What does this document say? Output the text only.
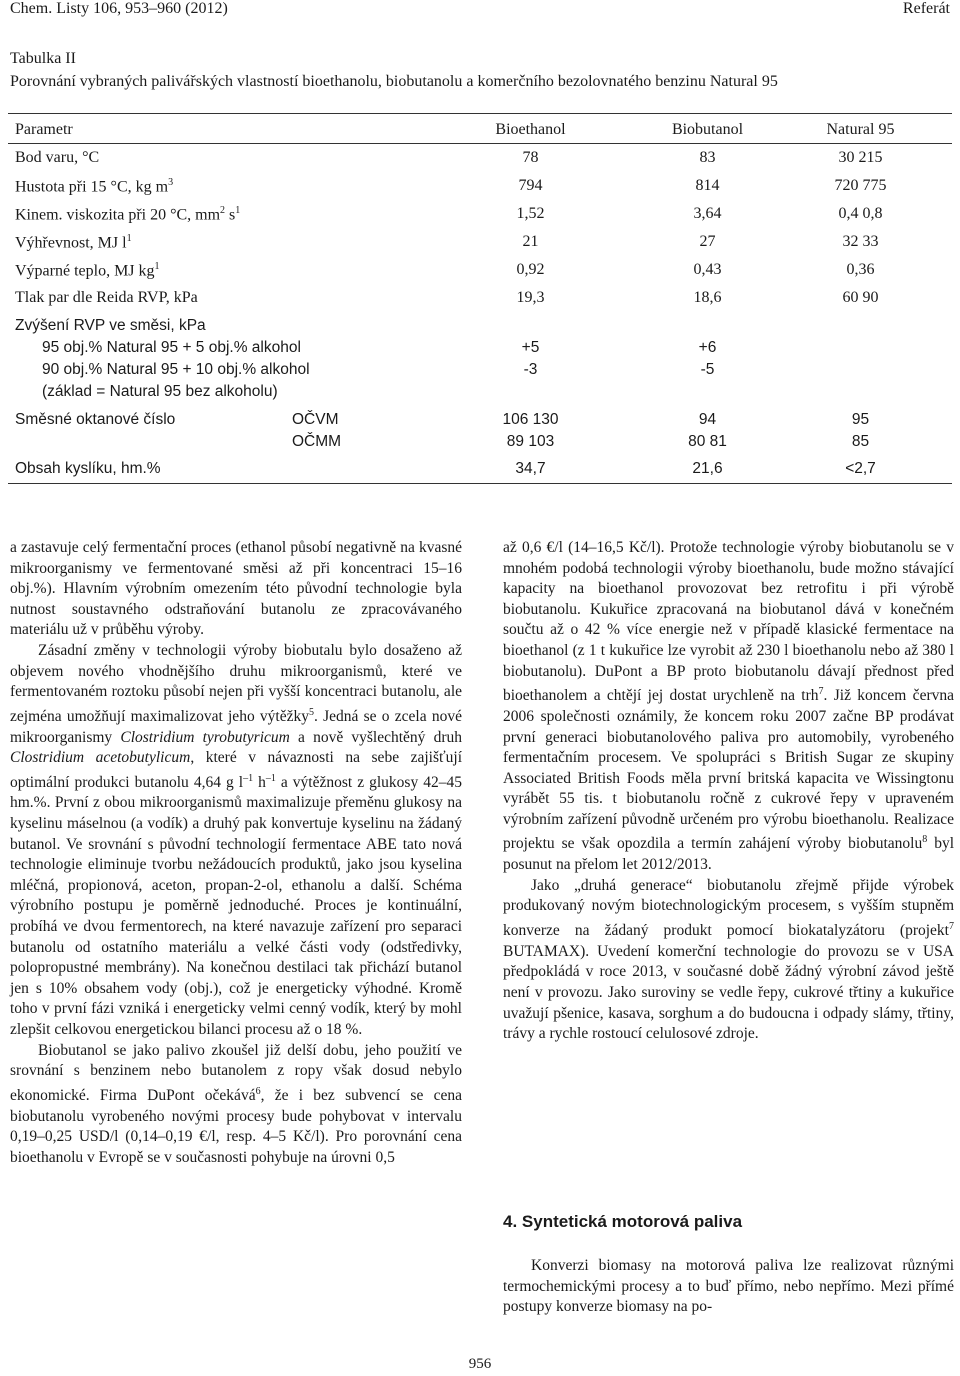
Chem. Listy 106, 953–960 (2012)	Referát
Tabulka II
Porovnání vybraných palivářských vlastností bioethanolu, biobutanolu a komerčního bezolovnatého benzinu Natural 95
Parametr	Bioethanol	Biobutanol	Natural 95
Bod varu, °C	78	83	30 215
Hustota při 15 °C, kg $m^3$	794	814	720 775
Kinem. viskozita při 20 °C, $mm^2$ $s^1$	1,52	3,64	0,4 0,8
Výhřevnost, MJ $l^1$	21	27	32 33
Výparné teplo, MJ $kg^1$	0,92	0,43	0,36
Tlak par dle Reida RVP, kPa	19,3	18,6	60 90
Zvýšení RVP ve směsi, kPa
95 obj.% Natural 95 + 5 obj.% alkohol	+5	+6
90 obj.% Natural 95 + 10 obj.% alkohol	-3	-5
(základ = Natural 95 bez alkoholu)
Směsné oktanové číslo	OČVM	106 130	94	95
OČMM	89 103	80 81	85
Obsah kyslíku, hm.%	34,7	21,6	<2,7

a zastavuje celý fermentační proces (ethanol působí negativně na kvasné mikroorganismy ve fermentované směsi až při koncentraci 15–16 obj.%). Hlavním výrobním omezením této původní technologie byla nutnost soustavného odstraňování butanolu ze zpracovávaného materiálu už v průběhu výroby.

Zásadní změny v technologii výroby biobutalu bylo dosaženo až objevem nového vhodnějšího druhu mikroorganismů, které ve fermentovaném roztoku působí nejen při vyšší koncentraci butanolu, ale zejména umožňují maximalizovat jeho výtěžky$^5$. Jedná se o zcela nové mikroorganismy Clostridium tyrobutyricum a nově vyšlechtěný druh Clostridium acetobutylicum, které v návaznosti na sebe zajišťují optimální produkci butanolu 4,64 g $l^{-1}$ $h^{-1}$ a výtěžnost z glukosy 42–45 hm.%. První z obou mikroorganismů maximalizuje přeměnu glukosy na kyselinu máselnou (a vodík) a druhý pak konvertuje kyselinu na žádaný butanol. Ve srovnání s původní technologií fermentace ABE tato nová technologie eliminuje tvorbu nežádoucích produktů, jako jsou kyselina mléčná, propionová, aceton, propan-2-ol, ethanolu a další. Schéma výrobního postupu je poměrně jednoduché. Proces je kontinuální, probíhá ve dvou fermentorech, na které navazuje zařízení pro separaci butanolu od ostatního materiálu a velké části vody (odstředivky, polopropustné membrány). Na konečnou destilaci tak přichází butanol jen s 10% obsahem vody (obj.), což je energeticky výhodné. Kromě toho v první fázi vzniká i energeticky velmi cenný vodík, který by mohl zlepšit celkovou energetickou bilanci procesu až o 18 %.

Biobutanol se jako palivo zkoušel již delší dobu, jeho použití ve srovnání s benzinem nebo butanolem z ropy však dosud nebylo ekonomické. Firma DuPont očekává$^6$, že i bez subvencí se cena biobutanolu vyrobeného novými procesy bude pohybovat v intervalu 0,19–0,25 USD/l (0,14–0,19 €/l, resp. 4–5 Kč/l). Pro porovnání cena bioethanolu v Evropě se v současnosti pohybuje na úrovni 0,5

až 0,6 €/l (14–16,5 Kč/l). Protože technologie výroby biobutanolu se v mnohém podobá technologii výroby bioethanolu, bude možno stávající kapacity na bioethanol provozovat bez retrofitu i při výrobě biobutanolu. Kukuřice zpracovaná na biobutanol dává v konečném součtu až o 42 % více energie než v případě klasické fermentace na bioethanol (z 1 t kukuřice lze vyrobit až 230 l bioethanolu nebo až 380 l biobutanolu). DuPont a BP proto biobutanolu dávají přednost před bioethanolem a chtějí jej dostat urychleně na trh$^7$. Již koncem června 2006 společnosti oznámily, že koncem roku 2007 začne BP prodávat první generaci biobutanolového paliva pro automobily, vyrobeného fermentačním procesem. Ve spolupráci s British Sugar ze skupiny Associated British Foods měla první britská kapacita ve Wissingtonu vyrábět 55 tis. t biobutanolu ročně z cukrové řepy v upraveném výrobním zařízení původně určeném pro výrobu bioethanolu. Realizace projektu se však opozdila a termín zahájení výroby biobutanolu$^8$ byl posunut na přelom let 2012/2013.

Jako „druhá generace“ biobutanolu zřejmě přijde výrobek produkovaný novým biotechnologickým procesem, s vyšším stupněm konverze na žádaný produkt pomocí biokatalyzátoru (projekt$^7$ BUTAMAX). Uvedení komerční technologie do provozu se v USA předpokládá v roce 2013, v současné době žádný výrobní závod ještě není v provozu. Jako suroviny se vedle řepy, cukrové třtiny a kukuřice uvažují pšenice, kasava, sorghum a do budoucna i odpady slámy, třtiny, trávy a rychle rostoucí celulosové zdroje.

4. Syntetická motorová paliva

Konverzi biomasy na motorová paliva lze realizovat různými termochemickými procesy a to buď přímo, nebo nepřímo. Mezi přímé postupy konverze biomasy na po-

956
